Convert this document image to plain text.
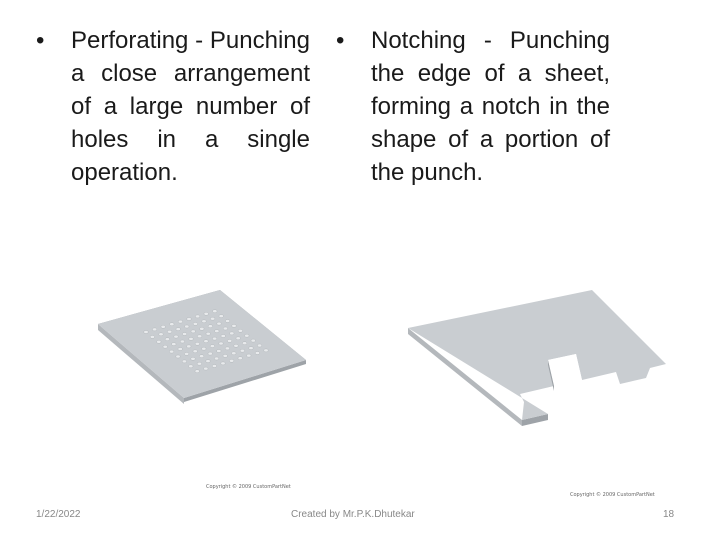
•	Perforating - Punching a close arrangement of a large number of holes in a single operation.
•	Notching - Punching the edge of a sheet, forming a notch in the shape of a portion of the punch.
Copyright © 2009 CustomPartNet
Copyright © 2009 CustomPartNet
1/22/2022	Created by Mr.P.K.Dhutekar	18
